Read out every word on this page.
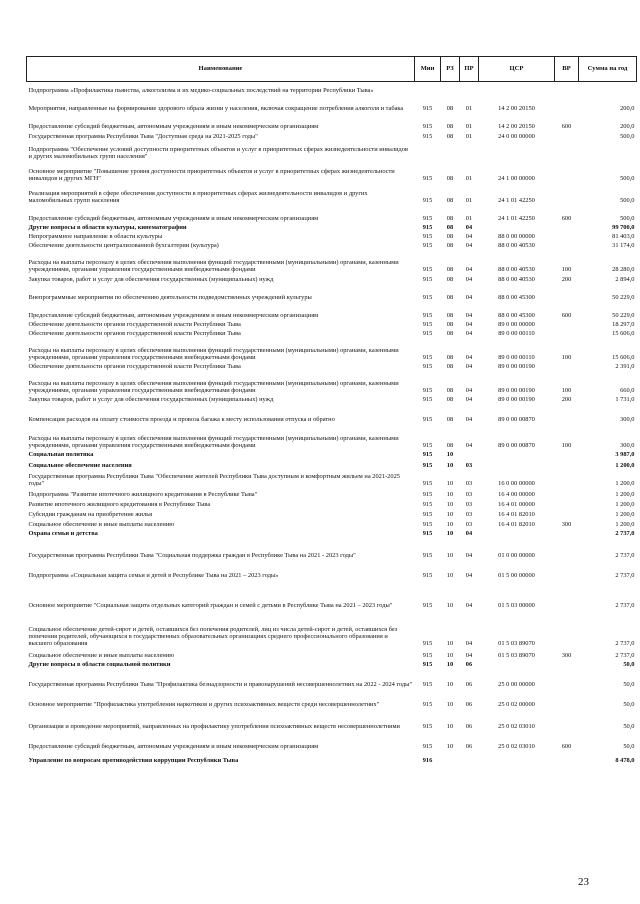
Наименование	Мин	РЗ	ПР	ЦСР	ВР	Сумма на год
Подпрограмма «Профилактика пьянства, алкоголизма и их медико-социальных последствий на территории Республики Тыва»						
Мероприятия, направленные на формирование здорового образа жизни у населения, включая сокращение потребления алкоголя и табака	915	08	01	14 2 00 20150		200,0
Предоставление субсидий бюджетным, автономным учреждениям и иным некоммерческим организациям	915	08	01	14 2 00 20150	600	200,0
Государственная программа Республики Тыва "Доступная среда на 2021-2025 годы"	915	08	01	24 0 00 00000		500,0
Подпрограмма "Обеспечение условий доступности приоритетных объектов и услуг в приоритетных сферах жизнедеятельности инвалидов и других маломобильных групп населения"						
Основное мероприятие "Повышение уровня доступности приоритетных объектов и услуг в приоритетных сферах жизнедеятельности инвалидов и других МГН"	915	08	01	24 1 00 00000		500,0
Реализация мероприятий в сфере обеспечения доступности в приоритетных сферах жизнедеятельности инвалидов и других маломобильных групп населения	915	08	01	24 1 01 42250		500,0
Предоставление субсидий бюджетным, автономным учреждениям и иным некоммерческим организациям	915	08	01	24 1 01 42250	600	500,0
Другие вопросы в области культуры, кинематографии	915	08	04			99 700,0
Непрограммное направление в области культуры	915	08	04	88 0 00 00000		81 403,0
Обеспечение деятельности централизованной бухгалтерии (культура)	915	08	04	88 0 00 40530		31 174,0
Расходы на выплаты персоналу в целях обеспечения выполнения функций государственными (муниципальными) органами, казенными учреждениями, органами управления государственными внебюджетными фондами	915	08	04	88 0 00 40530	100	28 280,0
Закупка товаров, работ и услуг для обеспечения государственных (муниципальных) нужд	915	08	04	88 0 00 40530	200	2 894,0
Внепрограммные мероприятия по обеспечению деятельности подведомственных учреждений культуры	915	08	04	88 0 00 45300		50 229,0
Предоставление субсидий бюджетным, автономным учреждениям и иным некоммерческим организациям	915	08	04	88 0 00 45300	600	50 229,0
Обеспечение деятельности органов государственной власти Республики Тыва	915	08	04	89 0 00 00000		18 297,0
Обеспечение деятельности органов государственной власти Республики Тыва	915	08	04	89 0 00 00110		15 606,0
Расходы на выплаты персоналу в целях обеспечения выполнения функций государственными (муниципальными) органами, казенными учреждениями, органами управления государственными внебюджетными фондами	915	08	04	89 0 00 00110	100	15 606,0
Обеспечение деятельности органов государственной власти Республики Тыва	915	08	04	89 0 00 00190		2 391,0
Расходы на выплаты персоналу в целях обеспечения выполнения функций государственными (муниципальными) органами, казенными учреждениями, органами управления государственными внебюджетными фондами	915	08	04	89 0 00 00190	100	660,0
Закупка товаров, работ и услуг для обеспечения государственных (муниципальных) нужд	915	08	04	89 0 00 00190	200	1 731,0
Компенсация расходов на оплату стоимости проезда и провоза багажа к месту использования отпуска и обратно	915	08	04	89 0 00 00870		300,0
Расходы на выплаты персоналу в целях обеспечения выполнения функций государственными (муниципальными) органами, казенными учреждениями, органами управления государственными внебюджетными фондами	915	08	04	89 0 00 00870	100	300,0
Социальная политика	915	10				3 987,0
Социальное обеспечение населения	915	10	03			1 200,0
Государственная программа Республики Тыва "Обеспечение жителей Республики Тыва доступным и комфортным жильем на 2021-2025 годы"	915	10	03	16 0 00 00000		1 200,0
Подпрограмма "Развитие ипотечного жилищного кредитования в Республике Тыва"	915	10	03	16 4 00 00000		1 200,0
Развитие ипотечного жилищного кредитования в Республике Тыва	915	10	03	16 4 01 00000		1 200,0
Субсидии гражданам на приобретение жилья	915	10	03	16 4 01 82010		1 200,0
Социальное обеспечение и иные выплаты населению	915	10	03	16 4 01 82010	300	1 200,0
Охрана семьи и детства	915	10	04			2 737,0
Государственная программа Республики Тыва "Социальная поддержка граждан в Республике Тыва на 2021 - 2023 годы"	915	10	04	01 0 00 00000		2 737,0
Подпрограмма «Социальная защита семьи и детей в Республике Тыва на 2021 – 2023 годы»	915	10	04	01 5 00 00000		2 737,0
Основное мероприятие "Социальная защита отдельных категорий граждан и семей с детьми в Республике Тыва на 2021 – 2023 годы"	915	10	04	01 5 03 00000		2 737,0
Социальное обеспечение детей-сирот и детей, оставшихся без попечения родителей, лиц из числа детей-сирот и детей, оставшихся без попечения родителей, обучающихся в государственных образовательных организациях среднего профессионального образования и высшего образования	915	10	04	01 5 03 89070		2 737,0
Социальное обеспечение и иные выплаты населению	915	10	04	01 5 03 89070	300	2 737,0
Другие вопросы в области социальной политики	915	10	06			50,0
Государственная программа Республики Тыва "Профилактика безнадзорности и правонарушений несовершеннолетних на 2022 - 2024 годы"	915	10	06	25 0 00 00000		50,0
Основное мероприятие "Профилактика употребления наркотиков и других психоактивных веществ среди несовершеннолетних"	915	10	06	25 0 02 00000		50,0
Организация и проведение мероприятий, направленных на профилактику употребления психоактивных веществ несовершеннолетними	915	10	06	25 0 02 03010		50,0
Предоставление субсидий бюджетным, автономным учреждениям и иным некоммерческим организациям	915	10	06	25 0 02 03010	600	50,0
Управление по вопросам противодействия коррупции Республики Тыва	916					8 478,0
23
